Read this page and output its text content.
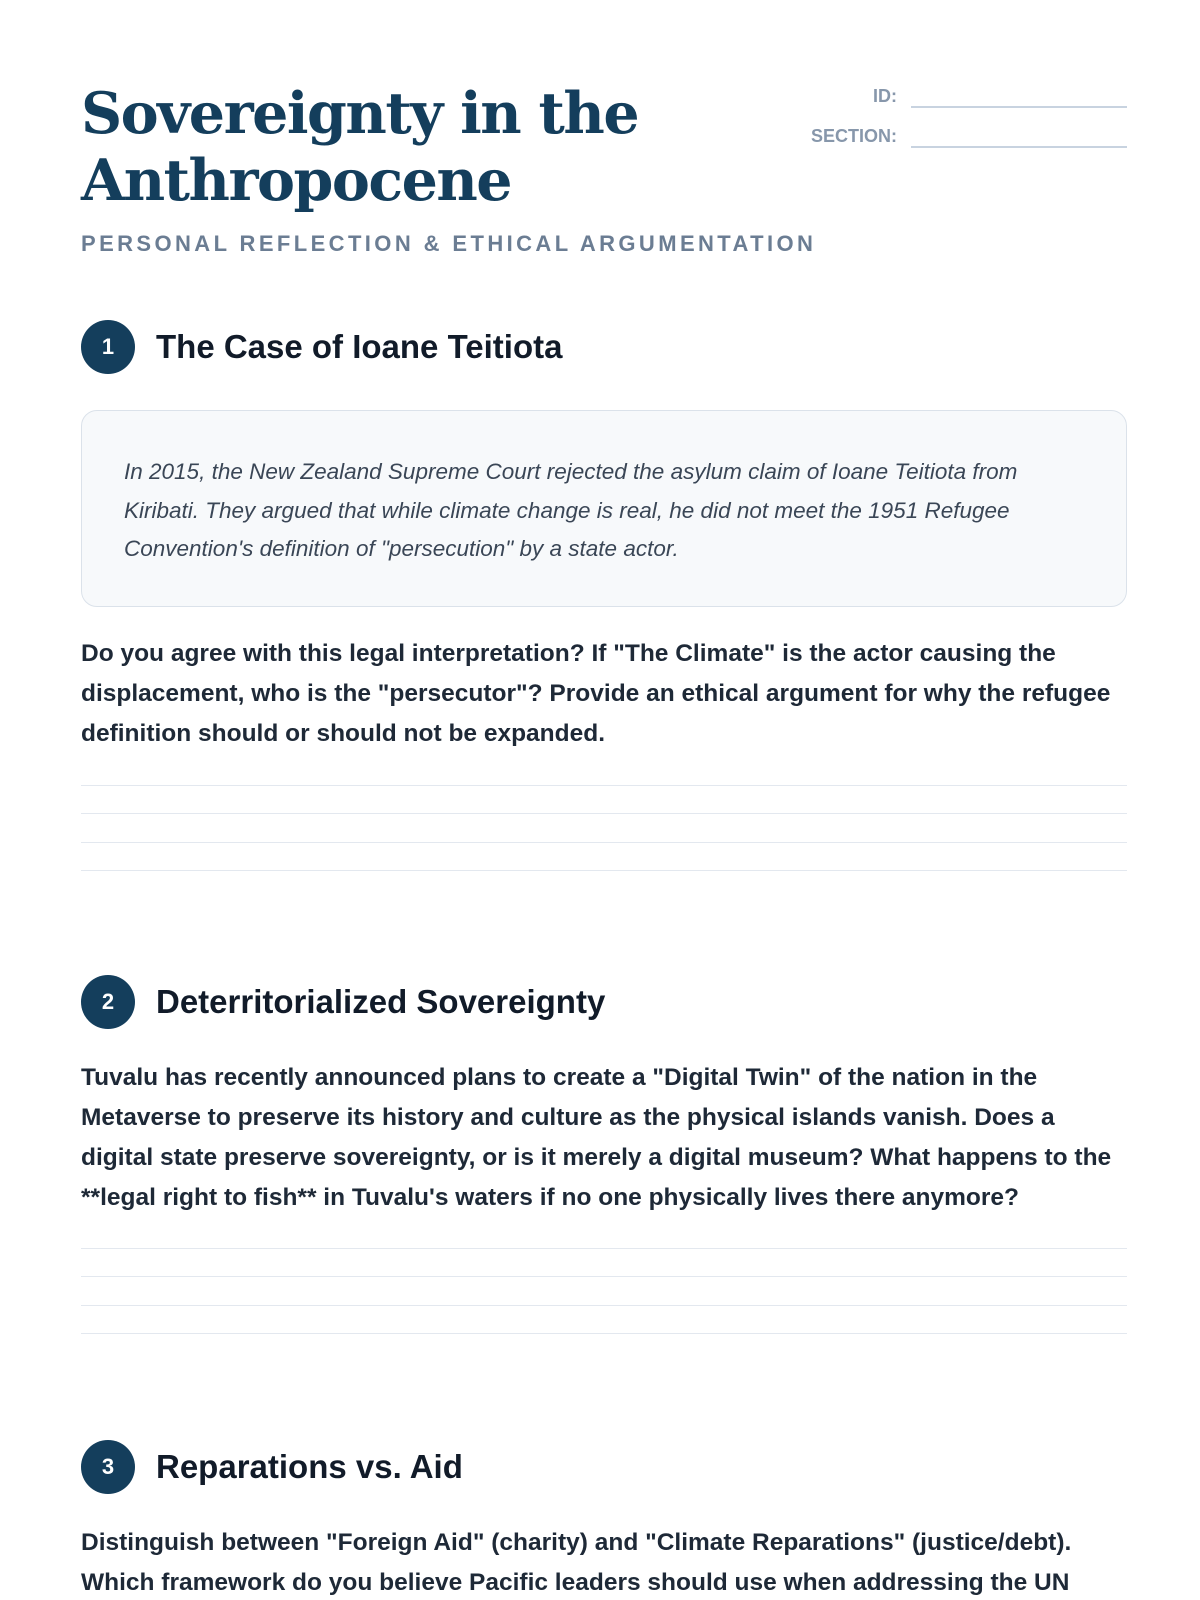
Sovereignty in the Anthropocene
PERSONAL REFLECTION & ETHICAL ARGUMENTATION
ID:
SECTION:
1	The Case of Ioane Teitiota

In 2015, the New Zealand Supreme Court rejected the asylum claim of Ioane Teitiota from Kiribati. They argued that while climate change is real, he did not meet the 1951 Refugee Convention's definition of "persecution" by a state actor.

Do you agree with this legal interpretation? If "The Climate" is the actor causing the displacement, who is the "persecutor"? Provide an ethical argument for why the refugee definition should or should not be expanded.

2	Deterritorialized Sovereignty

Tuvalu has recently announced plans to create a "Digital Twin" of the nation in the Metaverse to preserve its history and culture as the physical islands vanish. Does a digital state preserve sovereignty, or is it merely a digital museum? What happens to the **legal right to fish** in Tuvalu's waters if no one physically lives there anymore?

3	Reparations vs. Aid

Distinguish between "Foreign Aid" (charity) and "Climate Reparations" (justice/debt). Which framework do you believe Pacific leaders should use when addressing the UN
